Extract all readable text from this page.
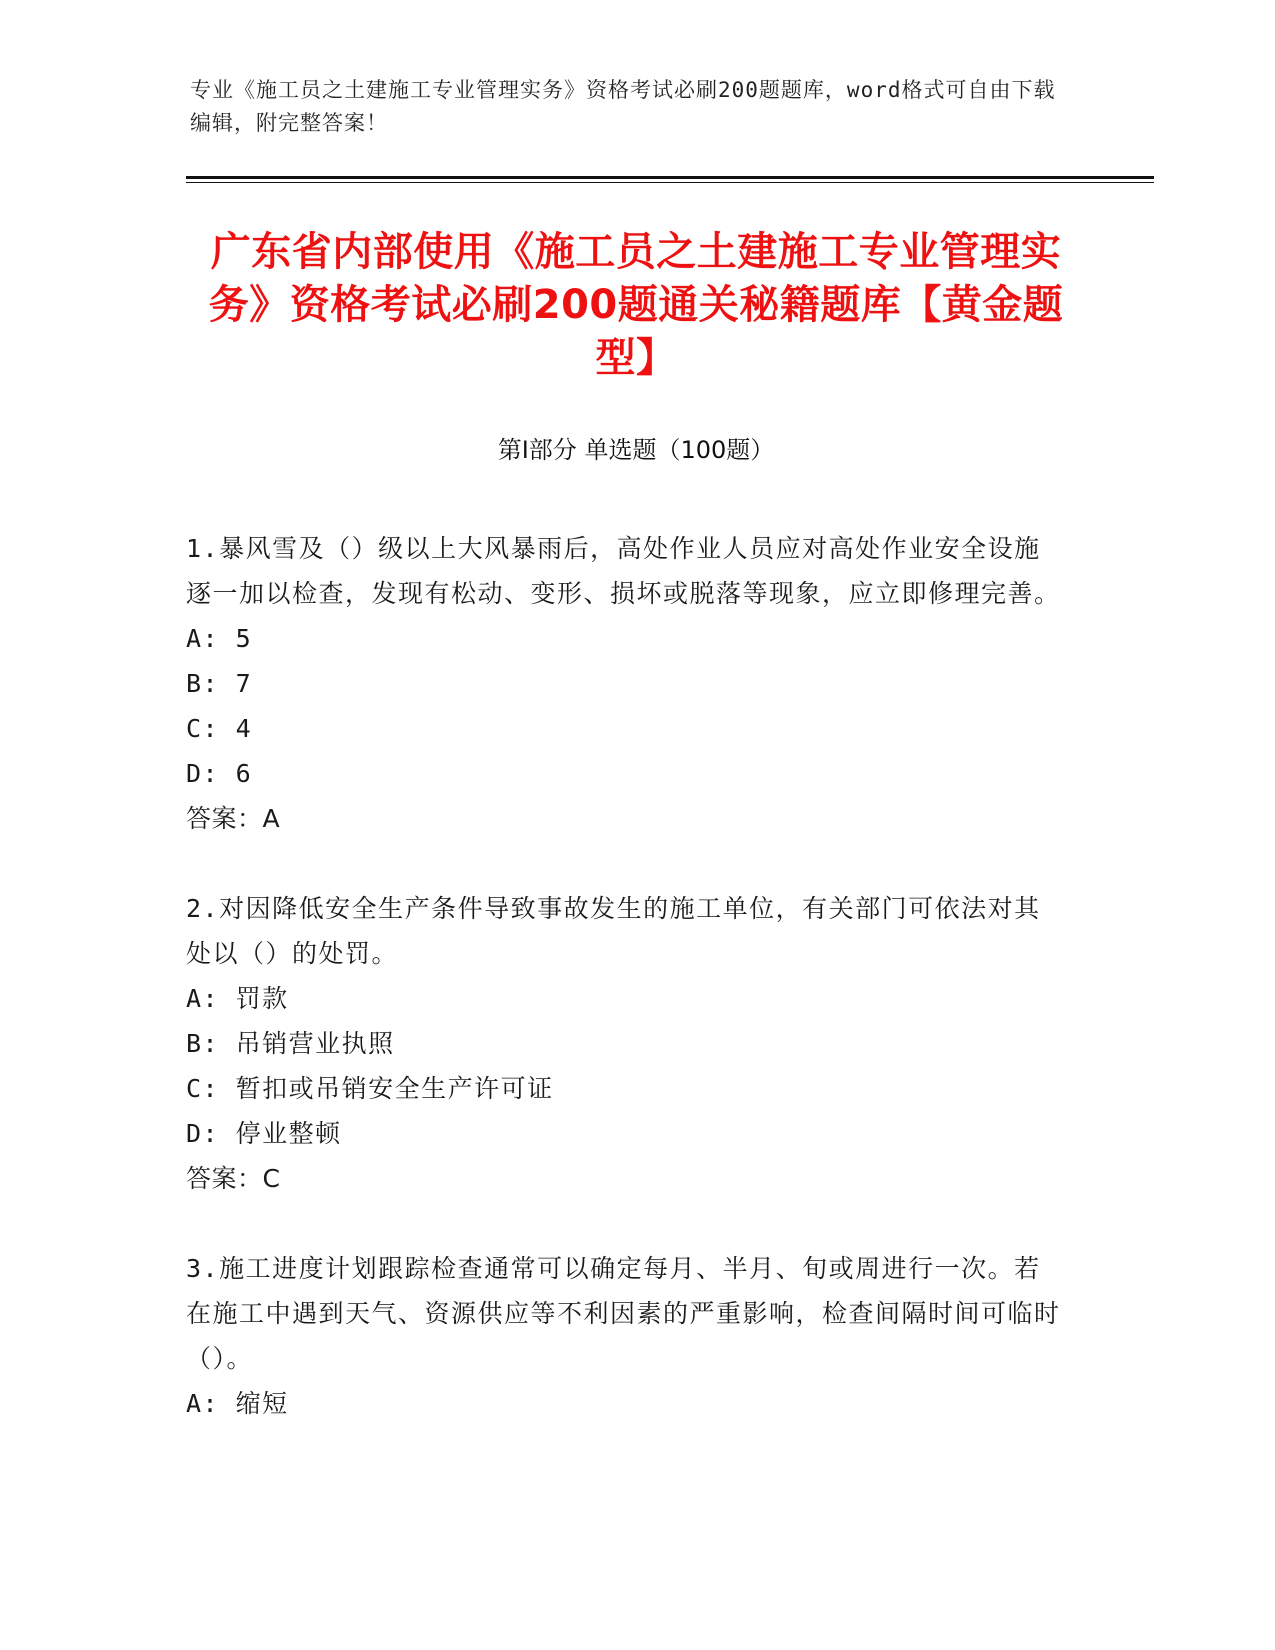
专业《施工员之土建施工专业管理实务》资格考试必刷200题题库，word格式可自由下载编辑，附完整答案！
广东省内部使用《施工员之土建施工专业管理实务》资格考试必刷200题通关秘籍题库【黄金题型】
第Ⅰ部分 单选题（100题）

1.暴风雪及（）级以上大风暴雨后，高处作业人员应对高处作业安全设施逐一加以检查，发现有松动、变形、损坏或脱落等现象，应立即修理完善。

A: 5

B: 7

C: 4

D: 6

答案：A

2.对因降低安全生产条件导致事故发生的施工单位，有关部门可依法对其处以（）的处罚。

A: 罚款

B: 吊销营业执照

C: 暂扣或吊销安全生产许可证

D: 停业整顿

答案：C

3.施工进度计划跟踪检查通常可以确定每月、半月、旬或周进行一次。若在施工中遇到天气、资源供应等不利因素的严重影响，检查间隔时间可临时（）。

A: 缩短
